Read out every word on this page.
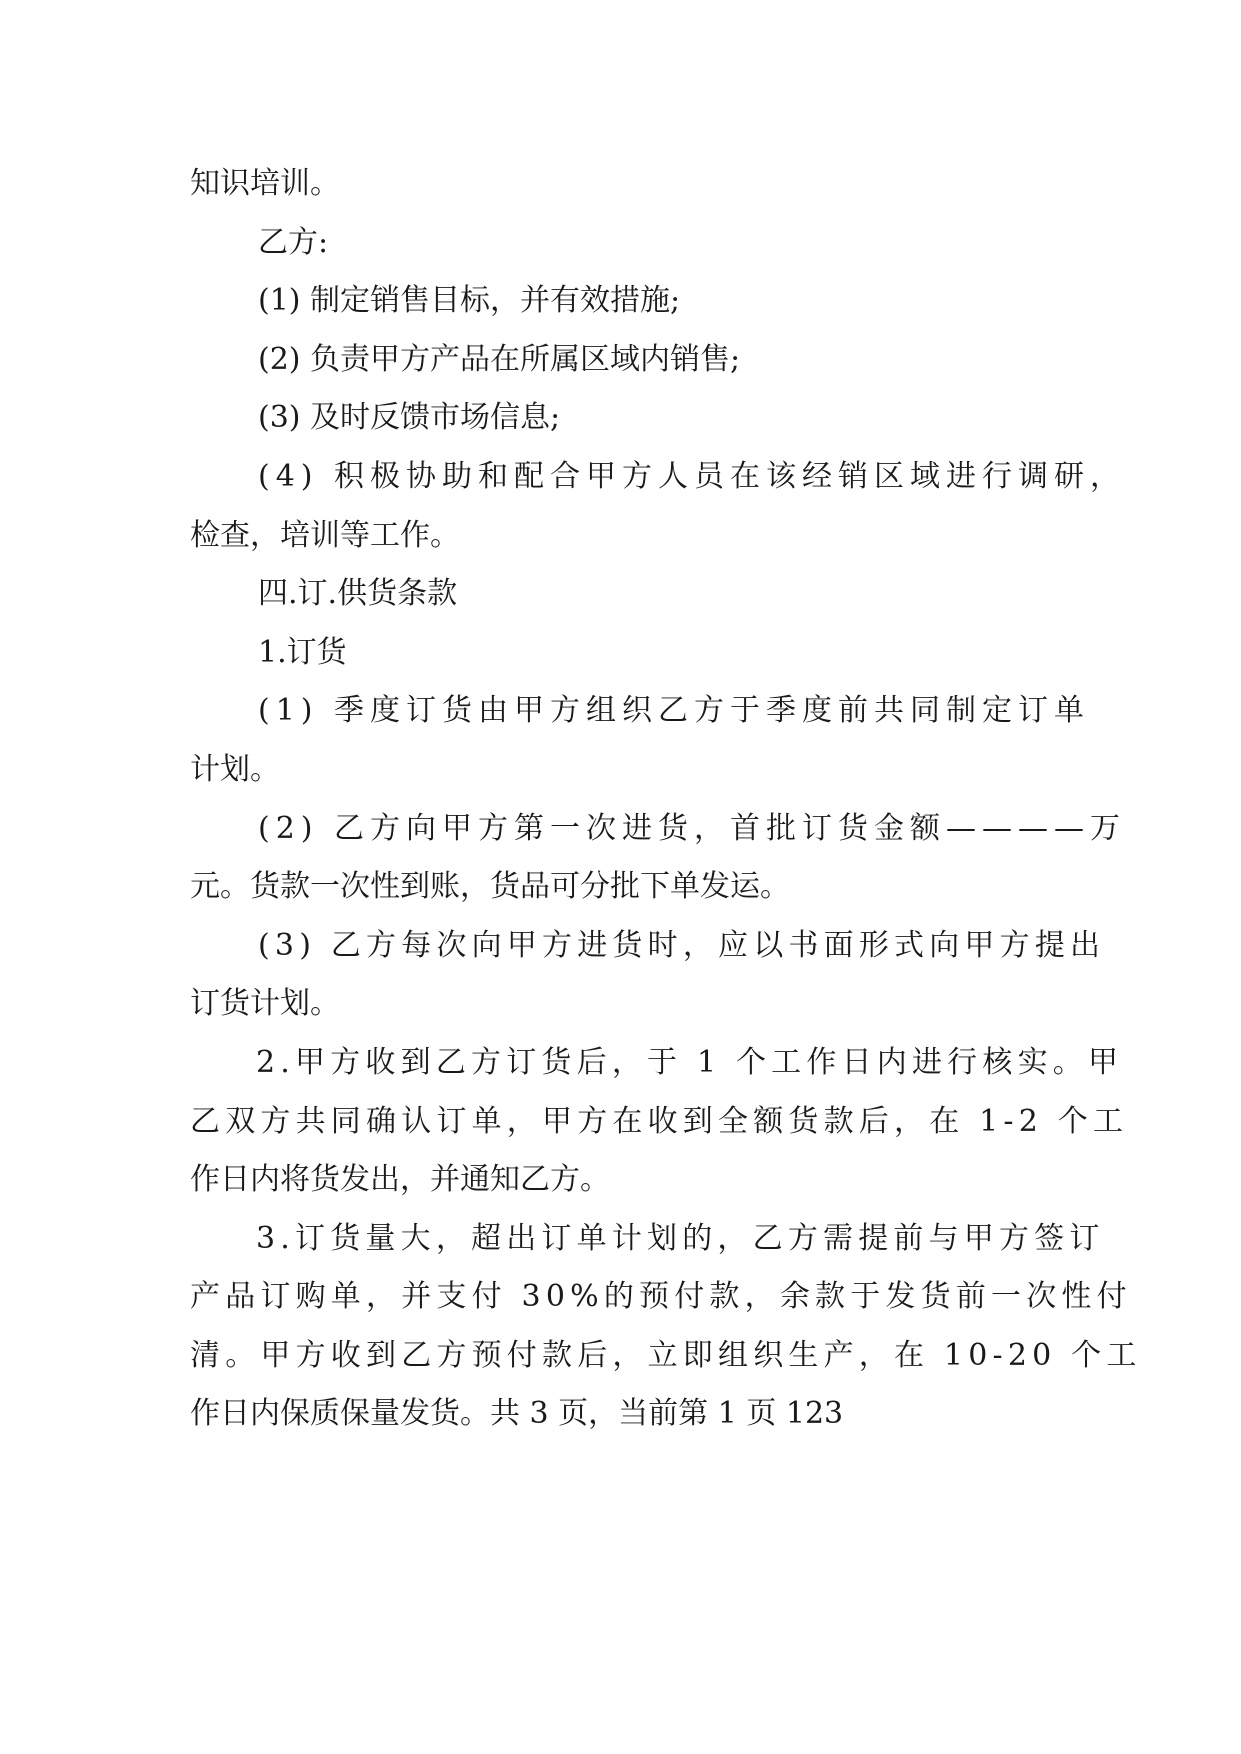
知识培训。
乙方:
(1) 制定销售目标，并有效措施;
(2) 负责甲方产品在所属区域内销售;
(3) 及时反馈市场信息;
(4) 积极协助和配合甲方人员在该经销区域进行调研，
检查，培训等工作。
四.订.供货条款
1.订货
(1) 季度订货由甲方组织乙方于季度前共同制定订单
计划。
(2) 乙方向甲方第一次进货，首批订货金额————万
元。货款一次性到账，货品可分批下单发运。
(3) 乙方每次向甲方进货时，应以书面形式向甲方提出
订货计划。
2.甲方收到乙方订货后，于 1 个工作日内进行核实。甲
乙双方共同确认订单，甲方在收到全额货款后，在 1-2 个工
作日内将货发出，并通知乙方。
3.订货量大，超出订单计划的，乙方需提前与甲方签订
产品订购单，并支付 30%的预付款，余款于发货前一次性付
清。甲方收到乙方预付款后，立即组织生产，在 10-20 个工
作日内保质保量发货。共 3 页，当前第 1 页 123
